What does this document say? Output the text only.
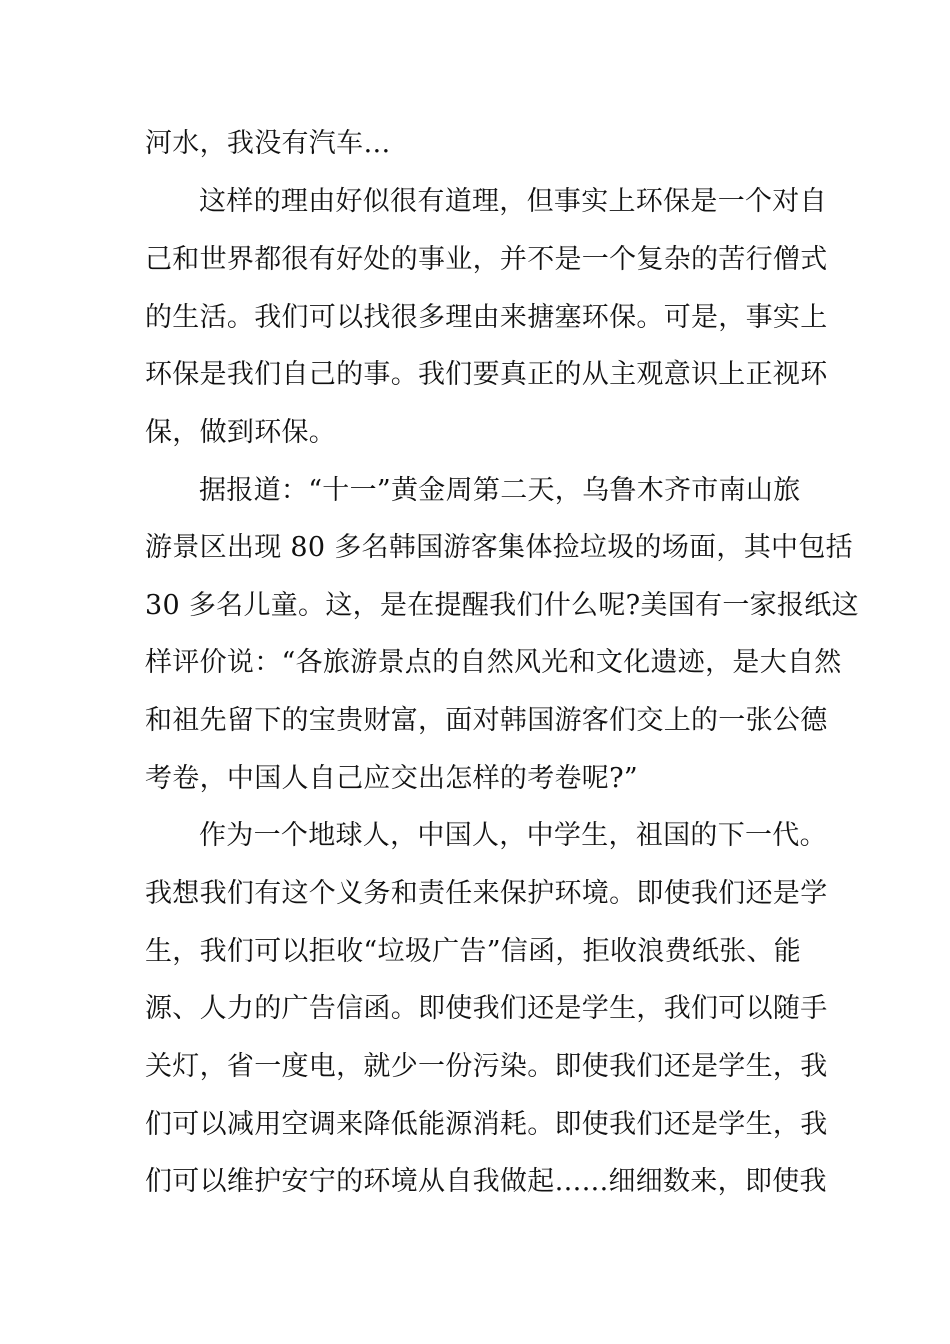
河水，我没有汽车…
这样的理由好似很有道理，但事实上环保是一个对自
己和世界都很有好处的事业，并不是一个复杂的苦行僧式
的生活。我们可以找很多理由来搪塞环保。可是，事实上
环保是我们自己的事。我们要真正的从主观意识上正视环
保，做到环保。
据报道：“十一”黄金周第二天，乌鲁木齐市南山旅
游景区出现 80 多名韩国游客集体捡垃圾的场面，其中包括
30 多名儿童。这，是在提醒我们什么呢?美国有一家报纸这
样评价说：“各旅游景点的自然风光和文化遗迹，是大自然
和祖先留下的宝贵财富，面对韩国游客们交上的一张公德
考卷，中国人自己应交出怎样的考卷呢?”
作为一个地球人，中国人，中学生，祖国的下一代。
我想我们有这个义务和责任来保护环境。即使我们还是学
生，我们可以拒收“垃圾广告”信函，拒收浪费纸张、能
源、人力的广告信函。即使我们还是学生，我们可以随手
关灯，省一度电，就少一份污染。即使我们还是学生，我
们可以减用空调来降低能源消耗。即使我们还是学生，我
们可以维护安宁的环境从自我做起…...细细数来，即使我
